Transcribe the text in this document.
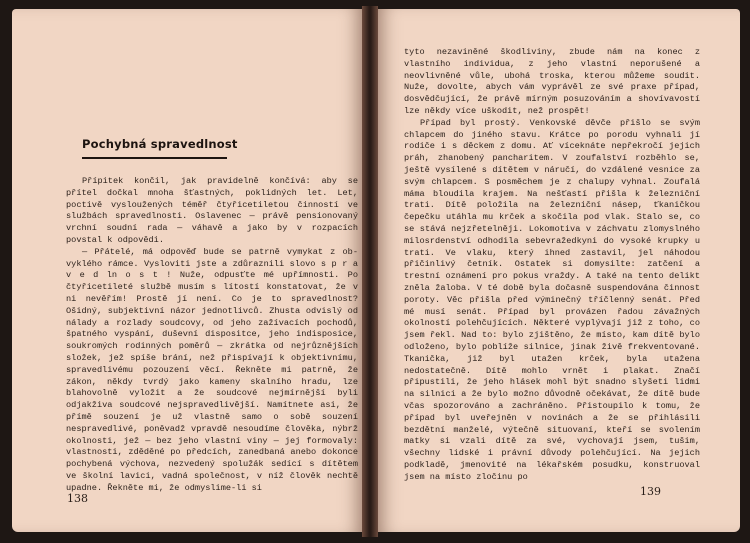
Pochybná spravedlnost

Přípitek končil, jak pravidelně končívá: aby se přítel dočkal mnoha šťastných, poklidných let. Let, poctivě vysloužených téměř čtyřicetiletou činností ve službách spravedlnosti. Oslavenec — právě pensionovaný vrchní soudní rada — váhavě a jako by v rozpacích povstal k odpovědi.

— Přátelé, má odpověď bude se patrně vymykat z obvyklého rámce. Vysloviti jste a zdůraznili slovo s p r a v e d ln o s t ! Nuže, odpusťte mé upřímnosti. Po čtyřicetileté službě musím s lítostí konstatovat, že v ni nevěřím! Prostě jí není. Co je to spravedlnost? Ošidný, subjektivní názor jednotlivců. Zhusta odvislý od nálady a rozlady soudcovy, od jeho zažívacích pochodů, špatného vyspání, duševní dispositce, jeho indisposice, soukromých rodinných poměrů — zkrátka od nejrůznějších složek, jež spíše brání, než přispívají k objektivnímu, spravedlivému pozouzení věcí. Řekněte mi patrně, že zákon, někdy tvrdý jako kameny skalního hradu, lze blahovolně vyložit a že soudcové nejmírnější byli odjakživa soudcové nejspravedlivější. Namítnete asi, že přímě souzení je už vlastně samo o sobě souzení nespravedlivé, poněvadž vpravdě nesoudíme člověka, nýbrž okolnosti, jež — bez jeho vlastní viny — jej formovaly: vlastnosti, zděděné po předcích, zanedbaná anebo dokonce pochybená výchova, nezvedený spolužák sedící s dítětem ve školní lavici, vadná společnost, v níž člověk nechtě upadne. Řekněte mi, že odmyslime-li si

138

tyto nezaviněné škodliviny, zbude nám na konec z vlastního individua, z jeho vlastní neporušené a neovlivněné vůle, ubohá troska, kterou můžeme soudit. Nuže, dovolte, abych vám vyprávěl ze své praxe případ, dosvědčující, že právě mírným posuzováním a shovívavostí lze někdy více uškodit, než prospět!

Případ byl prostý. Venkovské děvče přišlo se svým chlapcem do jiného stavu. Krátce po porodu vyhnali jí rodiče i s děckem z domu. Ať víceknáte nepřekročí jejich práh, zhanobený pancharitem. V zoufalství rozběhlo se, ještě vysílené s dítětem v náručí, do vzdálené vesnice za svým chlapcem. S posměchem je z chalupy vyhnal. Zoufalá máma bloudila krajem. Na nešťastí přišla k železniční trati. Dítě položila na železniční násep, ťkaničkou čepečku utáhla mu krček a skočila pod vlak. Stalo se, co se stává nejzřetelněji. Lokomotiva v záchvatu zlomyslného milosrdenství odhodila sebevražedkyni do vysoké krupky u trati. Ve vlaku, který ihned zastavil, jel náhodou přičinlivý četník. Ostatek si domysilte: zatčení a trestní oznámení pro pokus vraždy. A také na tento delikt zněla žaloba. V té době byla dočasně suspendována činnost poroty. Věc přišla před výminečný tříčlenný senát. Před mé musí senát. Případ byl provázen řadou závažných okolností polehčujících. Některé vyplývají již z toho, co jsem řekl. Nad to: bylo zjištěno, že místo, kam dítě bylo odloženo, bylo poblíže silnice, jinak živě frekventované. Tkanička, již byl utažen krček, byla utažena nedostatečně. Dítě mohlo vrnět i plakat. Značí připustili, že jeho hlásek mohl být snadno slyšeti lidmi na silnici a že bylo možno důvodně očekávat, že dítě bude včas spozorováno a zachráněno. Přistoupilo k tomu, že případ byl uveřejněn v novinách a že se přihlásili bezdětní manželé, výtečně situovaní, kteří se svolením matky si vzali dítě za své, vychovají jsem, tušim, všechny lidské i právní důvody polehčující. Na jejich podkladě, jmenovité na lékařském posudku, konstruoval jsem na místo zločinu po

139
